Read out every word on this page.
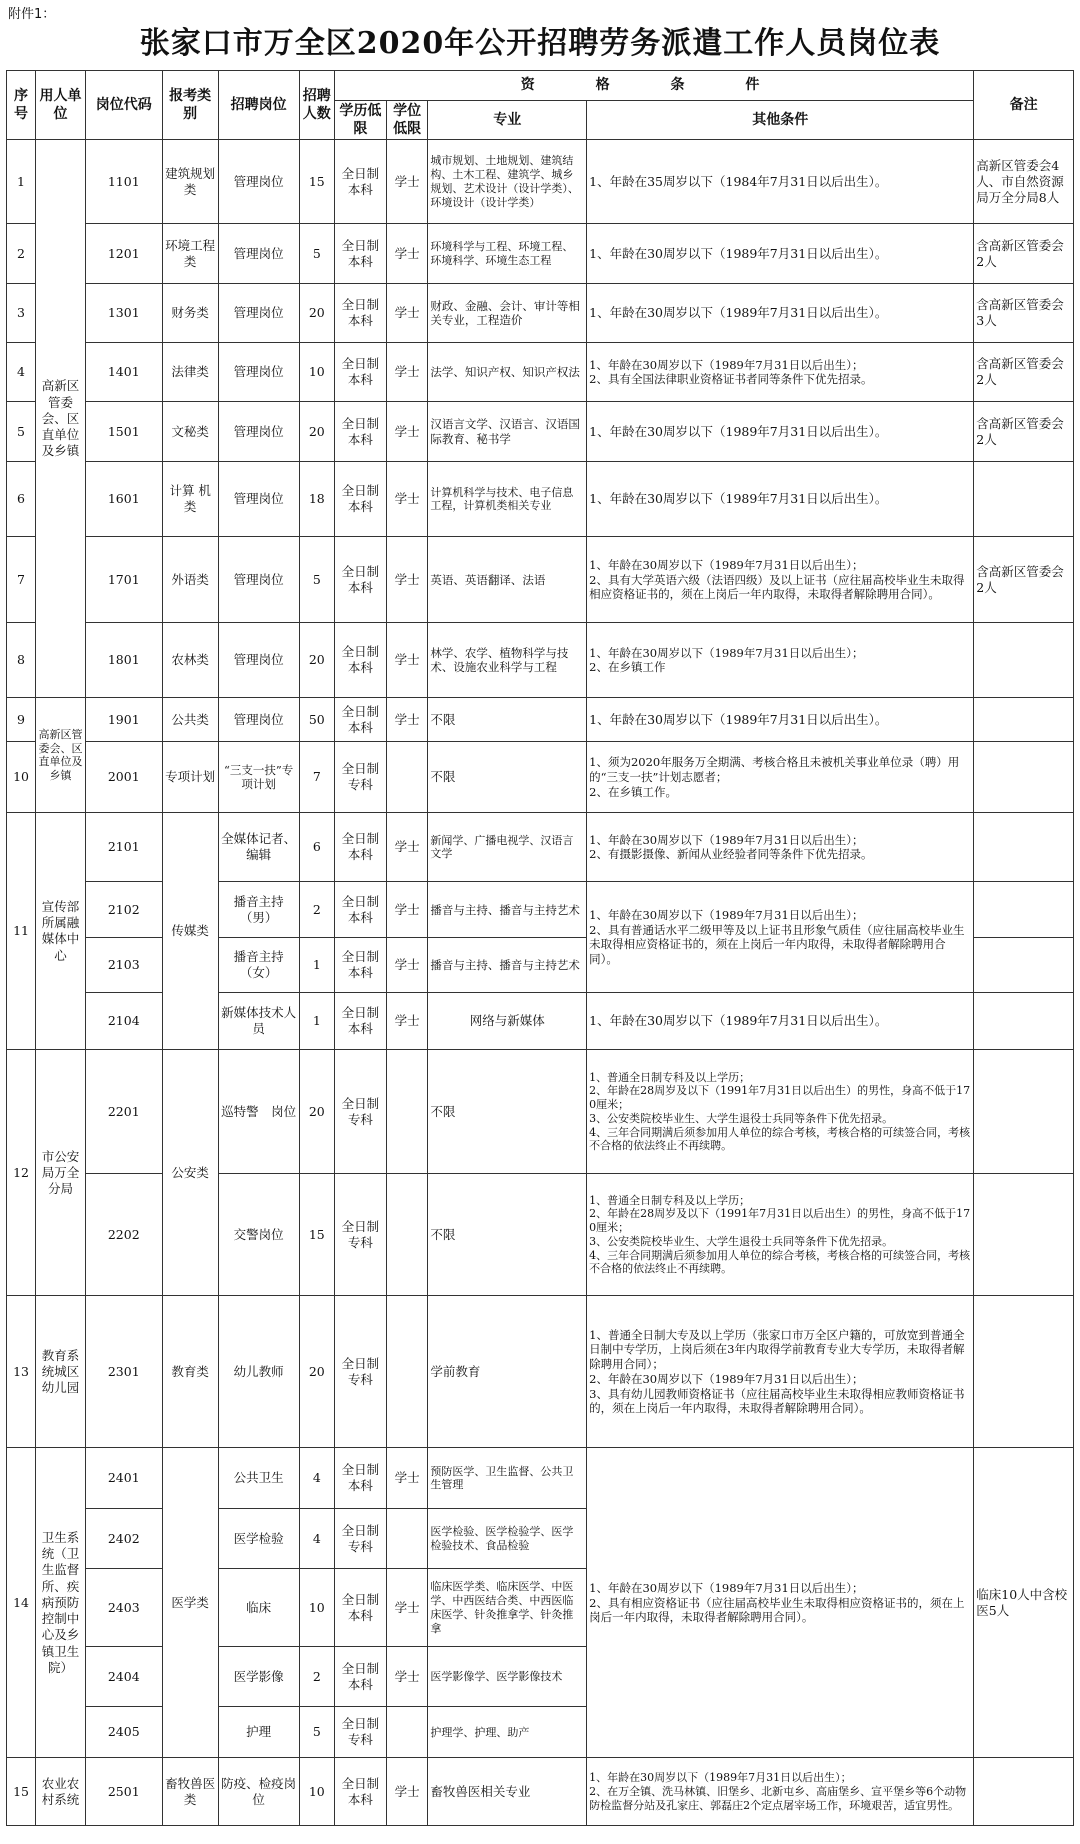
附件1：
张家口市万全区2020年公开招聘劳务派遣工作人员岗位表
序号	用人单位	岗位代码	报考类别	招聘岗位	招聘人数	资 格 条 件				备注
						学历低限	学位低限	专业	其他条件	
1	高新区管委会、区直单位及乡镇	1101	建筑规划类	管理岗位	15	全日制本科	学士	城市规划、土地规划、建筑结构、土木工程、建筑学、城乡规划、艺术设计（设计学类）、环境设计（设计学类）	1、年龄在35周岁以下（1984年7月31日以后出生）。	高新区管委会4人、市自然资源局万全分局8人
2		1201	环境工程类	管理岗位	5	全日制本科	学士	环境科学与工程、环境工程、环境科学、环境生态工程	1、年龄在30周岁以下（1989年7月31日以后出生）。	含高新区管委会2人
3		1301	财务类	管理岗位	20	全日制本科	学士	财政、金融、会计、审计等相关专业，工程造价	1、年龄在30周岁以下（1989年7月31日以后出生）。	含高新区管委会3人
4		1401	法律类	管理岗位	10	全日制本科	学士	法学、知识产权、知识产权法	1、年龄在30周岁以下（1989年7月31日以后出生）；
2、具有全国法律职业资格证书者同等条件下优先招录。	含高新区管委会2人
5		1501	文秘类	管理岗位	20	全日制本科	学士	汉语言文学、汉语言、汉语国际教育、秘书学	1、年龄在30周岁以下（1989年7月31日以后出生）。	含高新区管委会2人
6		1601	计算 机类	管理岗位	18	全日制本科	学士	计算机科学与技术、电子信息工程，计算机类相关专业	1、年龄在30周岁以下（1989年7月31日以后出生）。	
7		1701	外语类	管理岗位	5	全日制本科	学士	英语、英语翻译、法语	1、年龄在30周岁以下（1989年7月31日以后出生）；
2、具有大学英语六级（法语四级）及以上证书（应往届高校毕业生未取得相应资格证书的，须在上岗后一年内取得，未取得者解除聘用合同）。	含高新区管委会2人
8		1801	农林类	管理岗位	20	全日制本科	学士	林学、农学、植物科学与技术、设施农业科学与工程	1、年龄在30周岁以下（1989年7月31日以后出生）；
2、在乡镇工作	
9	高新区管委会、区直单位及乡镇	1901	公共类	管理岗位	50	全日制本科	学士	不限	1、年龄在30周岁以下（1989年7月31日以后出生）。	
10		2001	专项计划	“三支一扶”专项计划	7	全日制专科		不限	1、须为2020年服务万全期满、考核合格且未被机关事业单位录（聘）用的“三支一扶”计划志愿者；
2、在乡镇工作。	
11	宣传部所属融媒体中心	2101	传媒类	全媒体记者、编辑	6	全日制本科	学士	新闻学、广播电视学、汉语言文学	1、年龄在30周岁以下（1989年7月31日以后出生）；
2、有摄影摄像、新闻从业经验者同等条件下优先招录。	
		2102		播音主持（男）	2	全日制本科	学士	播音与主持、播音与主持艺术	1、年龄在30周岁以下（1989年7月31日以后出生）；
2、具有普通话水平二级甲等及以上证书且形象气质佳（应往届高校毕业生未取得相应资格证书的，须在上岗后一年内取得，未取得者解除聘用合同）。	
		2103		播音主持（女）	1	全日制本科	学士	播音与主持、播音与主持艺术		
		2104		新媒体技术人员	1	全日制本科	学士	网络与新媒体	1、年龄在30周岁以下（1989年7月31日以后出生）。	
12	市公安局万全分局	2201	公安类	巡特警　岗位	20	全日制专科		不限	1、普通全日制专科及以上学历；
2、年龄在28周岁及以下（1991年7月31日以后出生）的男性，身高不低于170厘米；
3、公安类院校毕业生、大学生退役士兵同等条件下优先招录。
4、三年合同期满后须参加用人单位的综合考核，考核合格的可续签合同，考核不合格的依法终止不再续聘。	
		2202		交警岗位	15	全日制专科		不限	1、普通全日制专科及以上学历；
2、年龄在28周岁及以下（1991年7月31日以后出生）的男性，身高不低于170厘米；
3、公安类院校毕业生、大学生退役士兵同等条件下优先招录。
4、三年合同期满后须参加用人单位的综合考核，考核合格的可续签合同，考核不合格的依法终止不再续聘。	
13	教育系统城区幼儿园	2301	教育类	幼儿教师	20	全日制专科		学前教育	1、普通全日制大专及以上学历（张家口市万全区户籍的，可放宽到普通全日制中专学历，上岗后须在3年内取得学前教育专业大专学历，未取得者解除聘用合同）；
2、年龄在30周岁以下（1989年7月31日以后出生）；
3、具有幼儿园教师资格证书（应往届高校毕业生未取得相应教师资格证书的，须在上岗后一年内取得，未取得者解除聘用合同）。	
14	卫生系统（卫生监督所、疾病预防控制中心及乡镇卫生院）	2401	医学类	公共卫生	4	全日制本科	学士	预防医学、卫生监督、公共卫生管理	1、年龄在30周岁以下（1989年7月31日以后出生）；
2、具有相应资格证书（应往届高校毕业生未取得相应资格证书的，须在上岗后一年内取得，未取得者解除聘用合同）。	临床10人中含校医5人
		2402		医学检验	4	全日制专科		医学检验、医学检验学、医学检验技术、食品检验		
		2403		临床	10	全日制本科	学士	临床医学类、临床医学、中医学、中西医结合类、中西医临床医学、针灸推拿学、针灸推拿		
		2404		医学影像	2	全日制本科	学士	医学影像学、医学影像技术		
		2405		护理	5	全日制专科		护理学、护理、助产		
15	农业农村系统	2501	畜牧兽医类	防疫、检疫岗位	10	全日制本科	学士	畜牧兽医相关专业	1、年龄在30周岁以下（1989年7月31日以后出生）；
2、在万全镇、洗马林镇、旧堡乡、北新屯乡、高庙堡乡、宣平堡乡等6个动物防检监督分站及孔家庄、郭磊庄2个定点屠宰场工作，环境艰苦，适宜男性。	
